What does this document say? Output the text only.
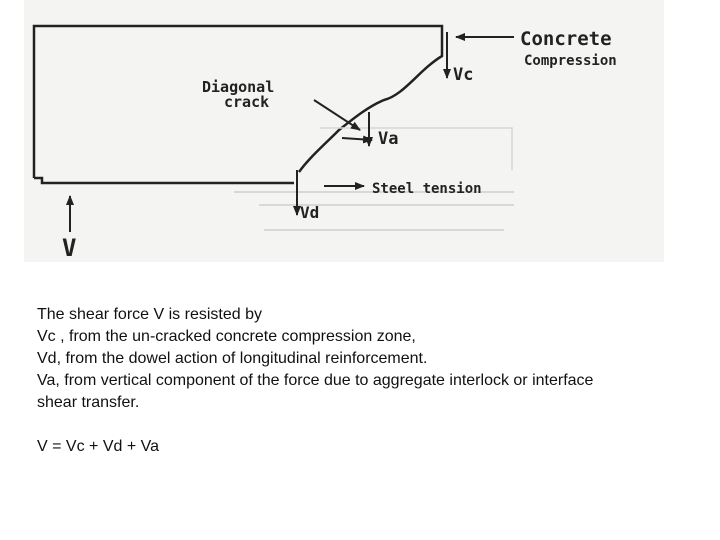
Concrete
Compression
Vc
Diagonal
crack
Va
Steel tension
Vd
V
The shear force V is resisted by
Vc , from the un-cracked concrete compression zone,
Vd, from the dowel action of longitudinal reinforcement.
Va, from vertical component of the force due to aggregate interlock or interface
shear transfer.
V = Vc + Vd + Va
